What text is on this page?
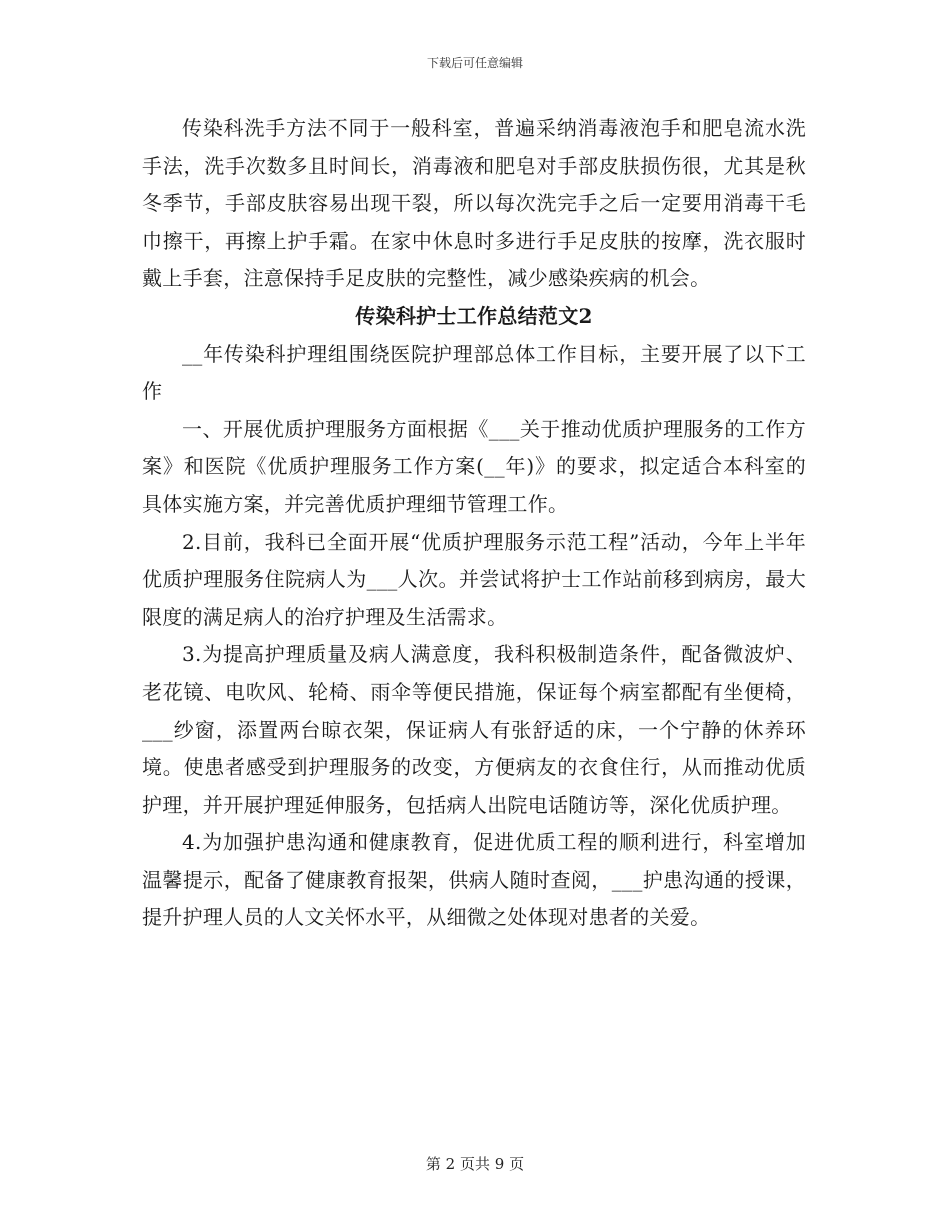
下载后可任意编辑

传染科洗手方法不同于一般科室，普遍采纳消毒液泡手和肥皂流水洗手法，洗手次数多且时间长，消毒液和肥皂对手部皮肤损伤很，尤其是秋冬季节，手部皮肤容易出现干裂，所以每次洗完手之后一定要用消毒干毛巾擦干，再擦上护手霜。在家中休息时多进行手足皮肤的按摩，洗衣服时戴上手套，注意保持手足皮肤的完整性，减少感染疾病的机会。

传染科护士工作总结范文2

__年传染科护理组围绕医院护理部总体工作目标，主要开展了以下工作

一、开展优质护理服务方面根据《___关于推动优质护理服务的工作方案》和医院《优质护理服务工作方案(__年)》的要求，拟定适合本科室的具体实施方案，并完善优质护理细节管理工作。

2.目前，我科已全面开展“优质护理服务示范工程”活动，今年上半年优质护理服务住院病人为___人次。并尝试将护士工作站前移到病房，最大限度的满足病人的治疗护理及生活需求。

3.为提高护理质量及病人满意度，我科积极制造条件，配备微波炉、老花镜、电吹风、轮椅、雨伞等便民措施，保证每个病室都配有坐便椅，___纱窗，添置两台晾衣架，保证病人有张舒适的床，一个宁静的休养环境。使患者感受到护理服务的改变，方便病友的衣食住行，从而推动优质护理，并开展护理延伸服务，包括病人出院电话随访等，深化优质护理。

4.为加强护患沟通和健康教育，促进优质工程的顺利进行，科室增加温馨提示，配备了健康教育报架，供病人随时查阅，___护患沟通的授课，提升护理人员的人文关怀水平，从细微之处体现对患者的关爱。

第 2 页共 9 页
